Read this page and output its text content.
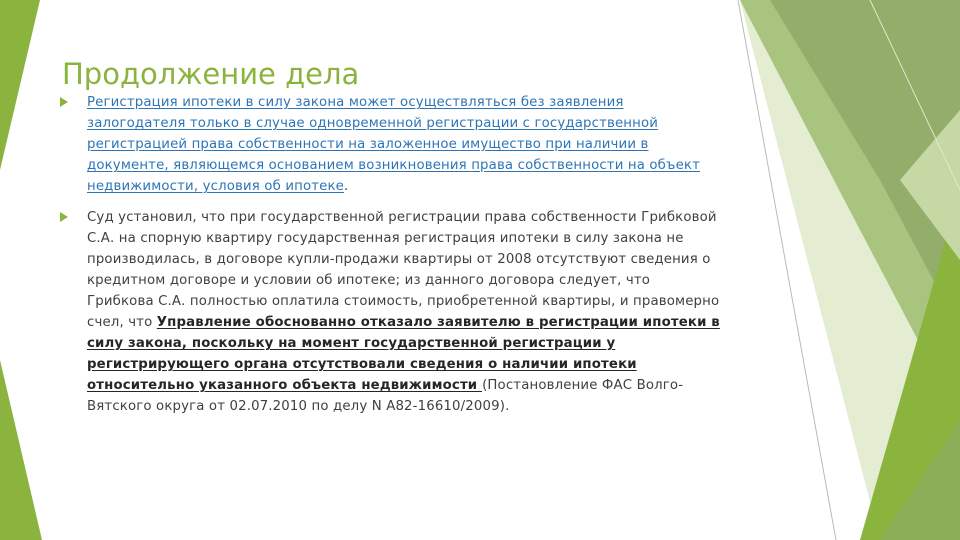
Продолжение дела
Регистрация ипотеки в силу закона может осуществляться без заявления залогодателя только в случае одновременной регистрации с государственной регистрацией права собственности на заложенное имущество при наличии в документе, являющемся основанием возникновения права собственности на объект недвижимости, условия об ипотеке.
Суд установил, что при государственной регистрации права собственности Грибковой С.А. на спорную квартиру государственная регистрация ипотеки в силу закона не производилась, в договоре купли-продажи квартиры от 2008 отсутствуют сведения о кредитном договоре и условии об ипотеке; из данного договора следует, что Грибкова С.А. полностью оплатила стоимость, приобретенной квартиры, и правомерно счел, что Управление обоснованно отказало заявителю в регистрации ипотеки в силу закона, поскольку на момент государственной регистрации у регистрирующего органа отсутствовали сведения о наличии ипотеки относительно указанного объекта недвижимости (Постановление ФАС Волго-Вятского округа от 02.07.2010 по делу N А82-16610/2009).
